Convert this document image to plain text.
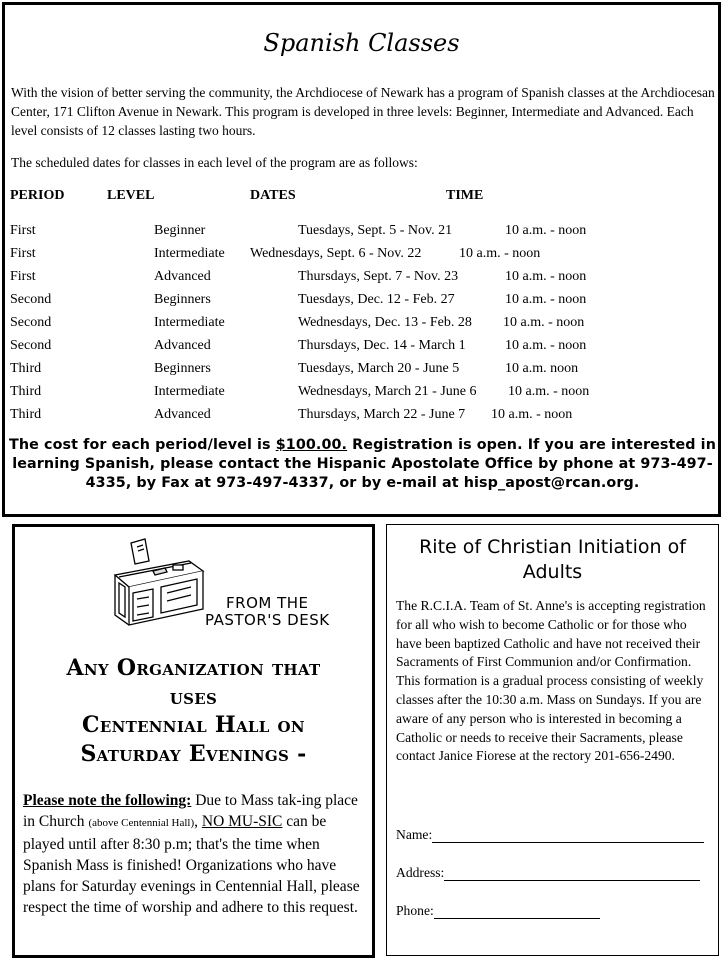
Spanish Classes
With the vision of better serving the community, the Archdiocese of Newark has a program of Spanish classes at the Archdiocesan Center, 171 Clifton Avenue in Newark. This program is developed in three levels: Beginner, Intermediate and Advanced. Each level consists of 12 classes lasting two hours.
The scheduled dates for classes in each level of the program are as follows:
PERIOD	LEVEL	DATES	TIME
First	Beginner	Tuesdays, Sept. 5 - Nov. 21	10 a.m. - noon
First	Intermediate Wednesdays, Sept. 6 - Nov. 22	10 a.m. - noon
First	Advanced	Thursdays, Sept. 7 - Nov. 23	10 a.m. - noon
Second	Beginners	Tuesdays, Dec. 12 - Feb. 27	10 a.m. - noon
Second	Intermediate	Wednesdays, Dec. 13 - Feb. 28 10 a.m. - noon
Second	Advanced	Thursdays, Dec. 14 - March 1	10 a.m. - noon
Third	Beginners	Tuesdays, March 20 - June 5	10 a.m. noon
Third	Intermediate	Wednesdays, March 21 - June 6 10 a.m. - noon
Third	Advanced	Thursdays, March 22 - June 7 10 a.m. - noon
The cost for each period/level is $100.00. Registration is open. If you are interested in learning Spanish, please contact the Hispanic Apostolate Office by phone at 973-497-4335, by Fax at 973-497-4337, or by e-mail at hisp_apost@rcan.org.
FROM THE
PASTOR'S DESK
Any Organization that
uses
Centennial Hall on
Saturday Evenings -
Please note the following: Due to Mass tak-ing place in Church (above Centennial Hall), NO MU-SIC can be played until after 8:30 p.m; that's the time when Spanish Mass is finished! Organizations who have plans for Saturday evenings in Centennial Hall, please respect the time of worship and adhere to this request.
Rite of Christian Initiation of Adults
The R.C.I.A. Team of St. Anne's is accepting registration for all who wish to become Catholic or for those who have been baptized Catholic and have not received their Sacraments of First Communion and/or Confirmation.
This formation is a gradual process consisting of weekly classes after the 10:30 a.m. Mass on Sundays. If you are aware of any person who is interested in becoming a Catholic or needs to receive their Sacraments, please contact Janice Fiorese at the rectory 201-656-2490.
Name:
Address:
Phone:
